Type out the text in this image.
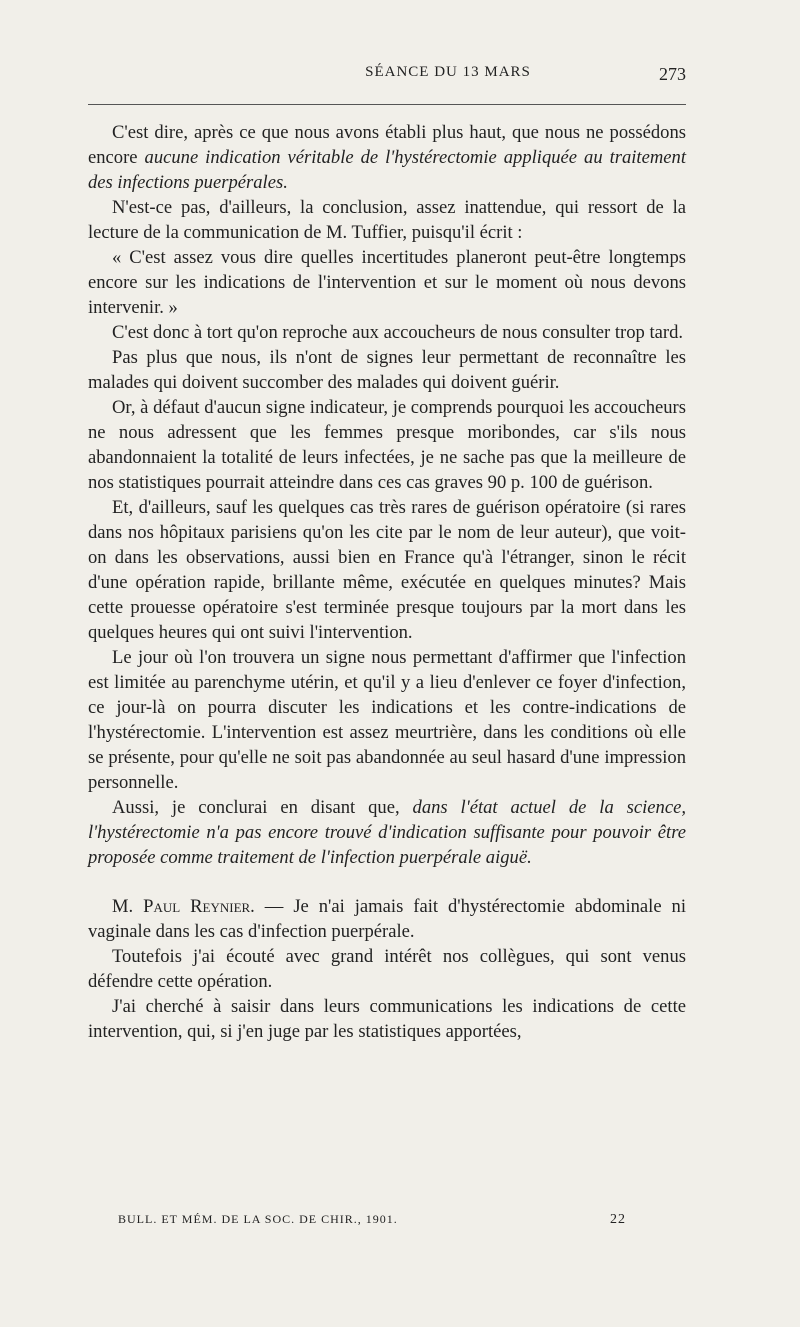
SÉANCE DU 13 MARS	273

C'est dire, après ce que nous avons établi plus haut, que nous ne possédons encore aucune indication véritable de l'hystérectomie appliquée au traitement des infections puerpérales.

N'est-ce pas, d'ailleurs, la conclusion, assez inattendue, qui ressort de la lecture de la communication de M. Tuffier, puisqu'il écrit :

« C'est assez vous dire quelles incertitudes planeront peut-être longtemps encore sur les indications de l'intervention et sur le moment où nous devons intervenir. »

C'est donc à tort qu'on reproche aux accoucheurs de nous consulter trop tard.

Pas plus que nous, ils n'ont de signes leur permettant de reconnaître les malades qui doivent succomber des malades qui doivent guérir.

Or, à défaut d'aucun signe indicateur, je comprends pourquoi les accoucheurs ne nous adressent que les femmes presque moribondes, car s'ils nous abandonnaient la totalité de leurs infectées, je ne sache pas que la meilleure de nos statistiques pourrait atteindre dans ces cas graves 90 p. 100 de guérison.

Et, d'ailleurs, sauf les quelques cas très rares de guérison opératoire (si rares dans nos hôpitaux parisiens qu'on les cite par le nom de leur auteur), que voit-on dans les observations, aussi bien en France qu'à l'étranger, sinon le récit d'une opération rapide, brillante même, exécutée en quelques minutes? Mais cette prouesse opératoire s'est terminée presque toujours par la mort dans les quelques heures qui ont suivi l'intervention.

Le jour où l'on trouvera un signe nous permettant d'affirmer que l'infection est limitée au parenchyme utérin, et qu'il y a lieu d'enlever ce foyer d'infection, ce jour-là on pourra discuter les indications et les contre-indications de l'hystérectomie. L'intervention est assez meurtrière, dans les conditions où elle se présente, pour qu'elle ne soit pas abandonnée au seul hasard d'une impression personnelle.

Aussi, je conclurai en disant que, dans l'état actuel de la science, l'hystérectomie n'a pas encore trouvé d'indication suffisante pour pouvoir être proposée comme traitement de l'infection puerpérale aiguë.

M. Paul Reynier. — Je n'ai jamais fait d'hystérectomie abdominale ni vaginale dans les cas d'infection puerpérale.

Toutefois j'ai écouté avec grand intérêt nos collègues, qui sont venus défendre cette opération.

J'ai cherché à saisir dans leurs communications les indications de cette intervention, qui, si j'en juge par les statistiques apportées,

BULL. ET MÉM. DE LA SOC. DE CHIR., 1901.	22
